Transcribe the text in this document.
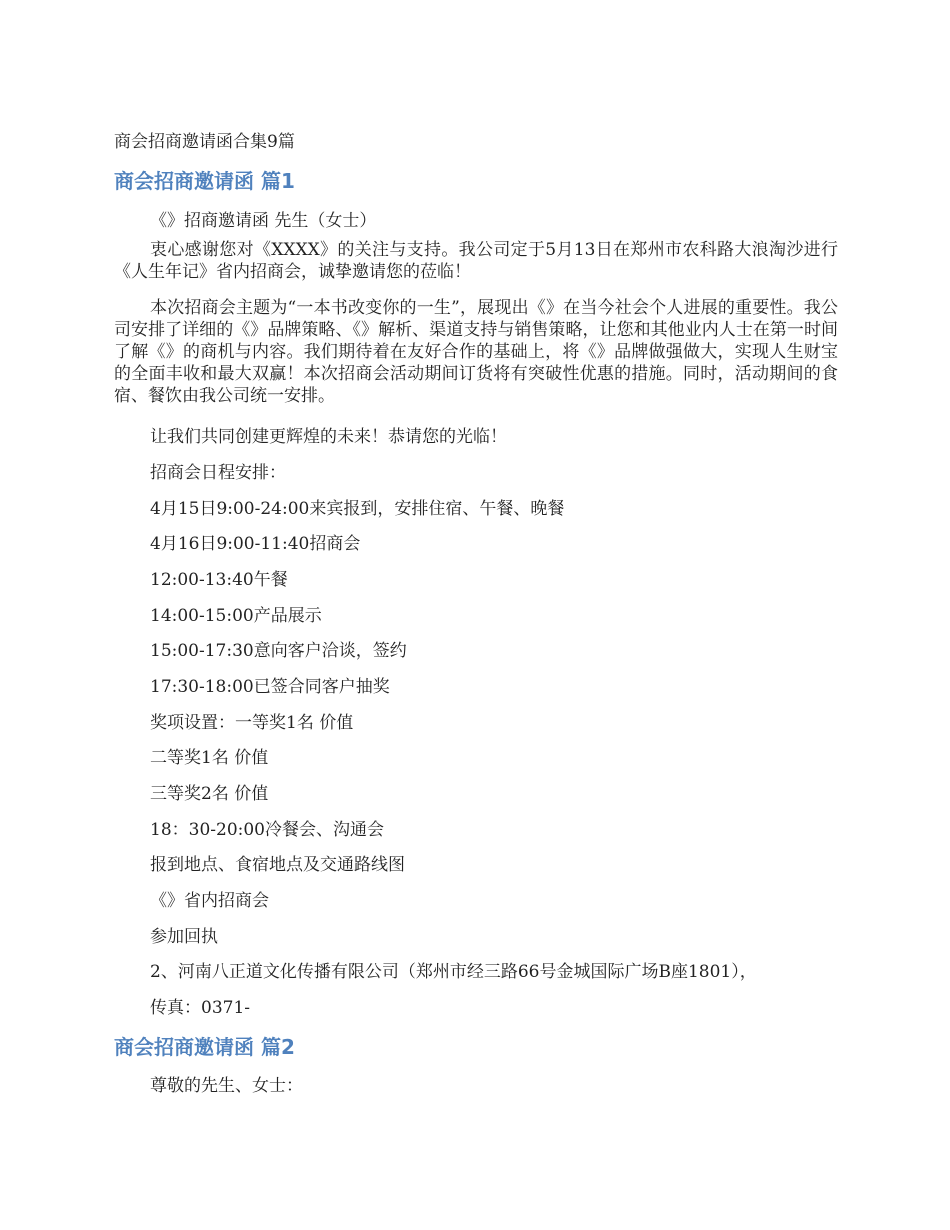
商会招商邀请函合集9篇
商会招商邀请函 篇1
《》招商邀请函 先生（女士）

衷心感谢您对《XXXX》的关注与支持。我公司定于5月13日在郑州市农科路大浪淘沙进行《人生年记》省内招商会，诚挚邀请您的莅临！

本次招商会主题为“一本书改变你的一生”，展现出《》在当今社会个人进展的重要性。我公司安排了详细的《》品牌策略、《》解析、渠道支持与销售策略，让您和其他业内人士在第一时间了解《》的商机与内容。我们期待着在友好合作的基础上，将《》品牌做强做大，实现人生财宝的全面丰收和最大双赢！本次招商会活动期间订货将有突破性优惠的措施。同时，活动期间的食宿、餐饮由我公司统一安排。

让我们共同创建更辉煌的未来！恭请您的光临！
招商会日程安排：
4月15日9:00-24:00来宾报到，安排住宿、午餐、晚餐
4月16日9:00-11:40招商会
12:00-13:40午餐
14:00-15:00产品展示
15:00-17:30意向客户洽谈，签约
17:30-18:00已签合同客户抽奖
奖项设置：一等奖1名 价值
二等奖1名 价值
三等奖2名 价值
18：30-20:00冷餐会、沟通会
报到地点、食宿地点及交通路线图
《》省内招商会
参加回执
2、河南八正道文化传播有限公司（郑州市经三路66号金城国际广场B座1801），
传真：0371-
商会招商邀请函 篇2
尊敬的先生、女士：
